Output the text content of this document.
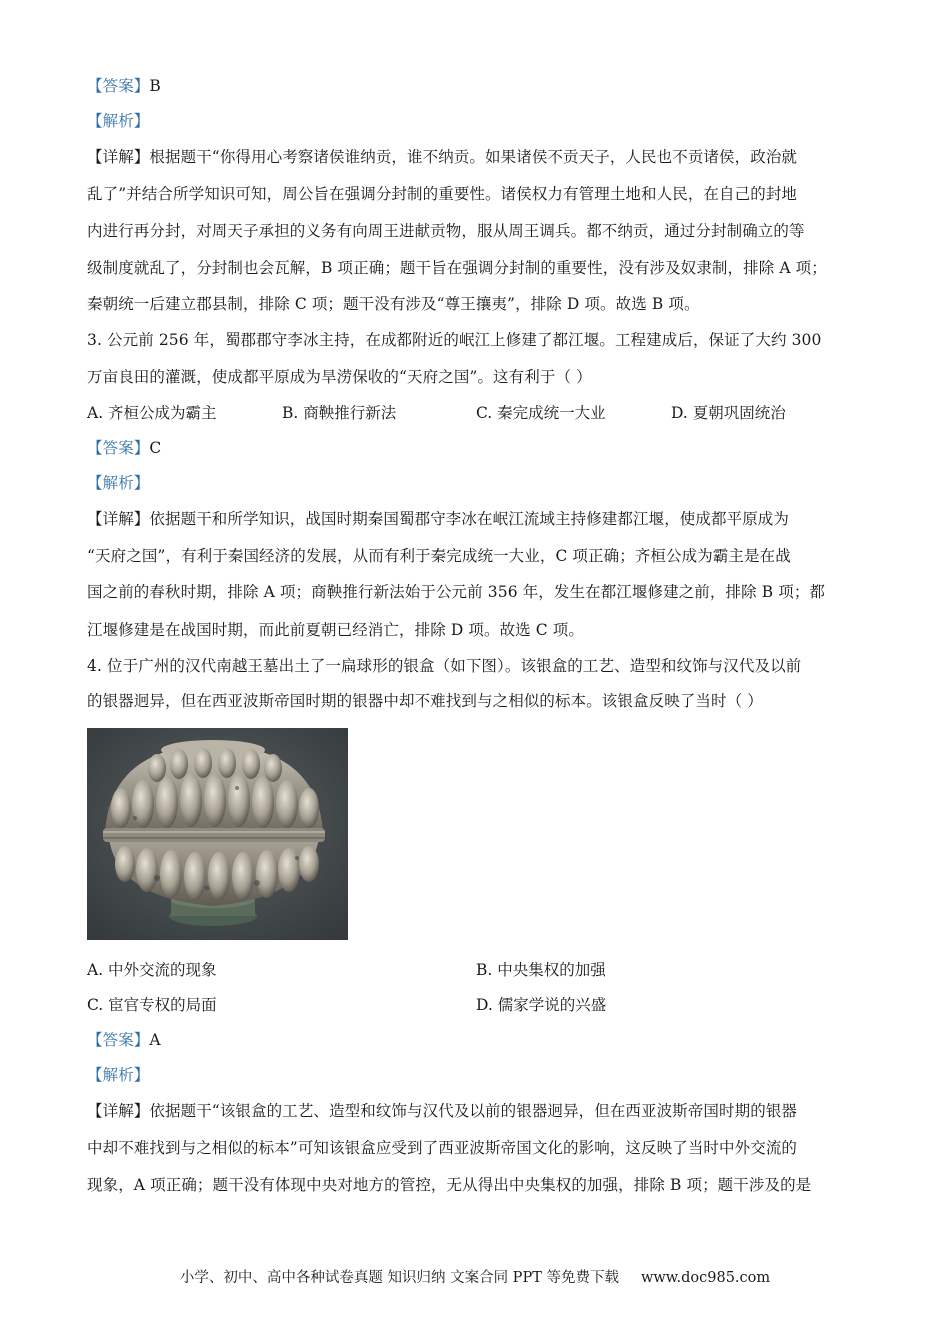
【答案】B
【解析】
【详解】根据题干“你得用心考察诸侯谁纳贡，谁不纳贡。如果诸侯不贡天子，人民也不贡诸侯，政治就
乱了”并结合所学知识可知，周公旨在强调分封制的重要性。诸侯权力有管理土地和人民，在自己的封地
内进行再分封，对周天子承担的义务有向周王进献贡物，服从周王调兵。都不纳贡，通过分封制确立的等
级制度就乱了，分封制也会瓦解，B 项正确；题干旨在强调分封制的重要性，没有涉及奴隶制，排除 A 项；
秦朝统一后建立郡县制，排除 C 项；题干没有涉及“尊王攘夷”，排除 D 项。故选 B 项。
3. 公元前 256 年，蜀郡郡守李冰主持，在成都附近的岷江上修建了都江堰。工程建成后，保证了大约 300
万亩良田的灌溉，使成都平原成为旱涝保收的“天府之国”。这有利于（ ）
A. 齐桓公成为霸主	B. 商鞅推行新法	C. 秦完成统一大业	D. 夏朝巩固统治
【答案】C
【解析】
【详解】依据题干和所学知识，战国时期秦国蜀郡守李冰在岷江流域主持修建都江堰，使成都平原成为
“天府之国”，有利于秦国经济的发展，从而有利于秦完成统一大业，C 项正确；齐桓公成为霸主是在战
国之前的春秋时期，排除 A 项；商鞅推行新法始于公元前 356 年，发生在都江堰修建之前，排除 B 项；都
江堰修建是在战国时期，而此前夏朝已经消亡，排除 D 项。故选 C 项。
4. 位于广州的汉代南越王墓出土了一扁球形的银盒（如下图）。该银盒的工艺、造型和纹饰与汉代及以前
的银器迥异，但在西亚波斯帝国时期的银器中却不难找到与之相似的标本。该银盒反映了当时（ ）
A. 中外交流的现象	B. 中央集权的加强
C. 宦官专权的局面	D. 儒家学说的兴盛
【答案】A
【解析】
【详解】依据题干“该银盒的工艺、造型和纹饰与汉代及以前的银器迥异，但在西亚波斯帝国时期的银器
中却不难找到与之相似的标本”可知该银盒应受到了西亚波斯帝国文化的影响，这反映了当时中外交流的
现象，A 项正确；题干没有体现中央对地方的管控，无从得出中央集权的加强，排除 B 项；题干涉及的是
小学、初中、高中各种试卷真题 知识归纳 文案合同 PPT 等免费下载 www.doc985.com
